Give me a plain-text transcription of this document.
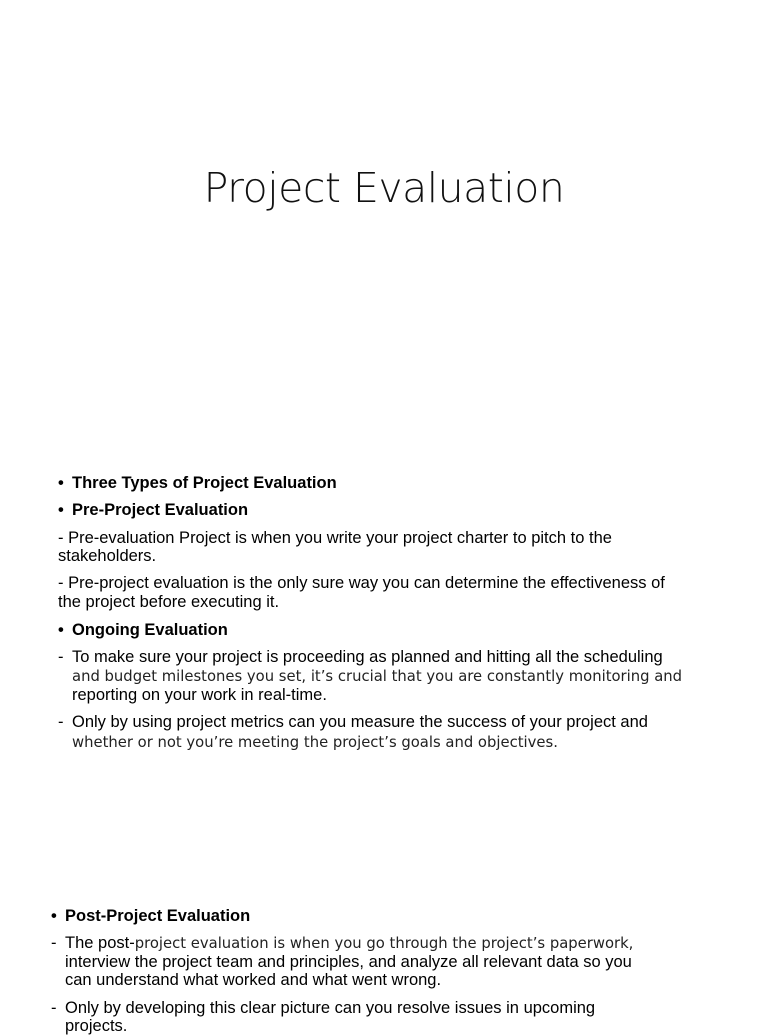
Project Evaluation
• Three Types of Project Evaluation
• Pre-Project Evaluation
- Pre-evaluation Project is when you write your project charter to pitch to the
stakeholders.
- Pre-project evaluation is the only sure way you can determine the effectiveness of
the project before executing it.
• Ongoing Evaluation
- To make sure your project is proceeding as planned and hitting all the scheduling
and budget milestones you set, it’s crucial that you are constantly monitoring and
reporting on your work in real-time.
- Only by using project metrics can you measure the success of your project and
whether or not you’re meeting the project’s goals and objectives.
• Post-Project Evaluation
- The post-project evaluation is when you go through the project’s paperwork,
interview the project team and principles, and analyze all relevant data so you
can understand what worked and what went wrong.
- Only by developing this clear picture can you resolve issues in upcoming
projects.
